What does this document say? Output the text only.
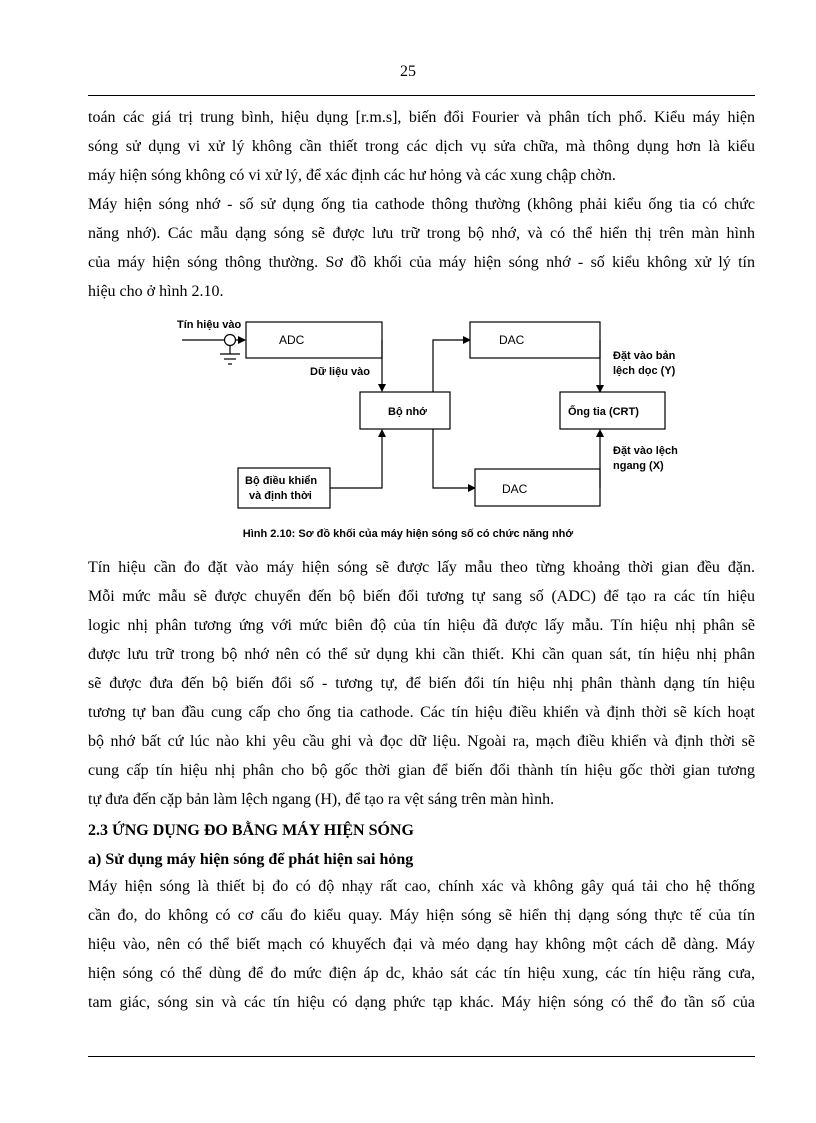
25
toán các giá trị trung bình, hiệu dụng [r.m.s], biến đổi Fourier và phân tích phổ. Kiểu máy hiện
sóng sử dụng vi xử lý không cần thiết trong các dịch vụ sửa chữa, mà thông dụng hơn là kiểu
máy hiện sóng không có vi xử lý, để xác định các hư hỏng và các xung chập chờn.
Máy hiện sóng nhớ - số sử dụng ống tia cathode thông thường (không phải kiểu ống tia có chức
năng nhớ). Các mẫu dạng sóng sẽ được lưu trữ trong bộ nhớ, và có thể hiển thị trên màn hình
của máy hiện sóng thông thường. Sơ đồ khối của máy hiện sóng nhớ - số kiểu không xử lý tín
hiệu cho ở hình 2.10.
Tín hiệu vào
ADC
Dữ liệu vào
Bộ nhớ
DAC
Đặt vào bản
lệch dọc (Y)
Ống tia (CRT)
DAC
Đặt vào lệch
ngang (X)
Bộ điều khiển
và định thời
Hình 2.10: Sơ đồ khối của máy hiện sóng số có chức năng nhớ
Tín hiệu cần đo đặt vào máy hiện sóng sẽ được lấy mẫu theo từng khoảng thời gian đều đặn.
Mỗi mức mẫu sẽ được chuyển đến bộ biến đổi tương tự sang số (ADC) để tạo ra các tín hiệu
logic nhị phân tương ứng với mức biên độ của tín hiệu đã được lấy mẫu. Tín hiệu nhị phân sẽ
được lưu trữ trong bộ nhớ nên có thể sử dụng khi cần thiết. Khi cần quan sát, tín hiệu nhị phân
sẽ được đưa đến bộ biến đổi số - tương tự, để biến đổi tín hiệu nhị phân thành dạng tín hiệu
tương tự ban đầu cung cấp cho ống tia cathode. Các tín hiệu điều khiển và định thời sẽ kích hoạt
bộ nhớ bất cứ lúc nào khi yêu cầu ghi và đọc dữ liệu. Ngoài ra, mạch điều khiển và định thời sẽ
cung cấp tín hiệu nhị phân cho bộ gốc thời gian để biến đổi thành tín hiệu gốc thời gian tương
tự đưa đến cặp bản làm lệch ngang (H), để tạo ra vệt sáng trên màn hình.
2.3 ỨNG DỤNG ĐO BẰNG MÁY HIỆN SÓNG
a) Sử dụng máy hiện sóng để phát hiện sai hỏng
Máy hiện sóng là thiết bị đo có độ nhạy rất cao, chính xác và không gây quá tải cho hệ thống
cần đo, do không có cơ cấu đo kiểu quay. Máy hiện sóng sẽ hiển thị dạng sóng thực tế của tín
hiệu vào, nên có thể biết mạch có khuyếch đại và méo dạng hay không một cách dễ dàng. Máy
hiện sóng có thể dùng để đo mức điện áp dc, khảo sát các tín hiệu xung, các tín hiệu răng cưa,
tam giác, sóng sin và các tín hiệu có dạng phức tạp khác. Máy hiện sóng có thể đo tần số của
